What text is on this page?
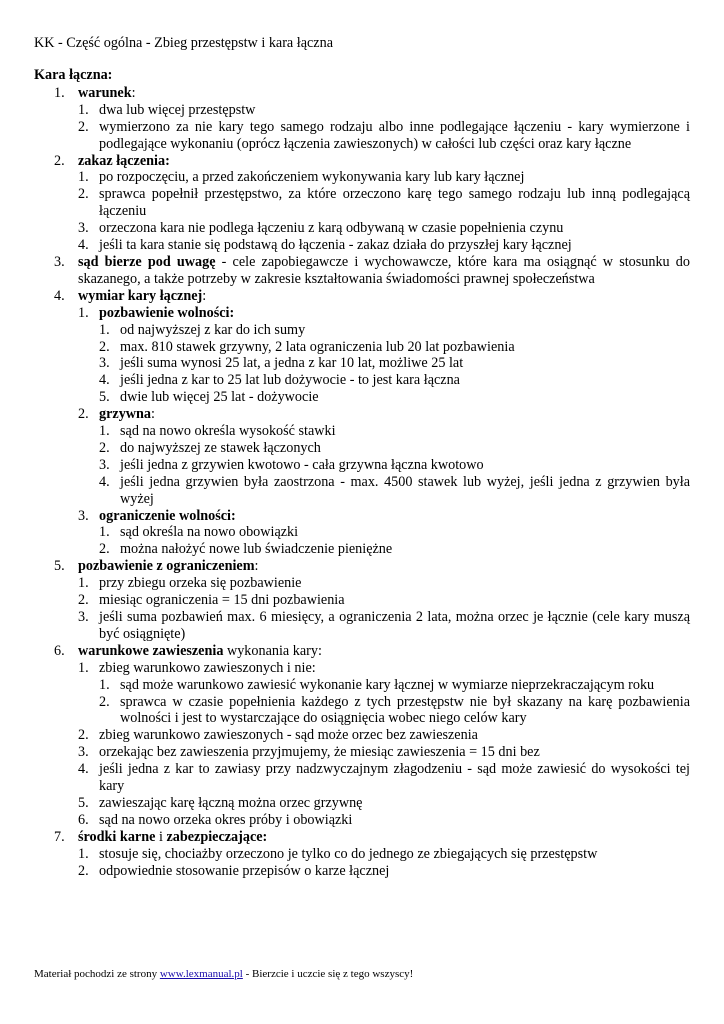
KK - Część ogólna - Zbieg przestępstw i kara łączna
Kara łączna:
1. warunek:
1. dwa lub więcej przestępstw
2. wymierzono za nie kary tego samego rodzaju albo inne podlegające łączeniu - kary wymierzone i podlegające wykonaniu (oprócz łączenia zawieszonych) w całości lub części oraz kary łączne
2. zakaz łączenia:
1. po rozpoczęciu, a przed zakończeniem wykonywania kary lub kary łącznej
2. sprawca popełnił przestępstwo, za które orzeczono karę tego samego rodzaju lub inną podlegającą łączeniu
3. orzeczona kara nie podlega łączeniu z karą odbywaną w czasie popełnienia czynu
4. jeśli ta kara stanie się podstawą do łączenia - zakaz działa do przyszłej kary łącznej
3. sąd bierze pod uwagę - cele zapobiegawcze i wychowawcze, które kara ma osiągnąć w stosunku do skazanego, a także potrzeby w zakresie kształtowania świadomości prawnej społeczeństwa
4. wymiar kary łącznej:
1. pozbawienie wolności:
1. od najwyższej z kar do ich sumy
2. max. 810 stawek grzywny, 2 lata ograniczenia lub 20 lat pozbawienia
3. jeśli suma wynosi 25 lat, a jedna z kar 10 lat, możliwe 25 lat
4. jeśli jedna z kar to 25 lat lub dożywocie - to jest kara łączna
5. dwie lub więcej 25 lat - dożywocie
2. grzywna:
1. sąd na nowo określa wysokość stawki
2. do najwyższej ze stawek łączonych
3. jeśli jedna z grzywien kwotowo - cała grzywna łączna kwotowo
4. jeśli jedna grzywien była zaostrzona - max. 4500 stawek lub wyżej, jeśli jedna z grzywien była wyżej
3. ograniczenie wolności:
1. sąd określa na nowo obowiązki
2. można nałożyć nowe lub świadczenie pieniężne
5. pozbawienie z ograniczeniem:
1. przy zbiegu orzeka się pozbawienie
2. miesiąc ograniczenia = 15 dni pozbawienia
3. jeśli suma pozbawień max. 6 miesięcy, a ograniczenia 2 lata, można orzec je łącznie (cele kary muszą być osiągnięte)
6. warunkowe zawieszenia wykonania kary:
1. zbieg warunkowo zawieszonych i nie:
1. sąd może warunkowo zawiesić wykonanie kary łącznej w wymiarze nieprzekraczającym roku
2. sprawca w czasie popełnienia każdego z tych przestępstw nie był skazany na karę pozbawienia wolności i jest to wystarczające do osiągnięcia wobec niego celów kary
2. zbieg warunkowo zawieszonych - sąd może orzec bez zawieszenia
3. orzekając bez zawieszenia przyjmujemy, że miesiąc zawieszenia = 15 dni bez
4. jeśli jedna z kar to zawiasy przy nadzwyczajnym złagodzeniu - sąd może zawiesić do wysokości tej kary
5. zawieszając karę łączną można orzec grzywnę
6. sąd na nowo orzeka okres próby i obowiązki
7. środki karne i zabezpieczające:
1. stosuje się, chociażby orzeczono je tylko co do jednego ze zbiegających się przestępstw
2. odpowiednie stosowanie przepisów o karze łącznej
Materiał pochodzi ze strony www.lexmanual.pl - Bierzcie i uczcie się z tego wszyscy!
